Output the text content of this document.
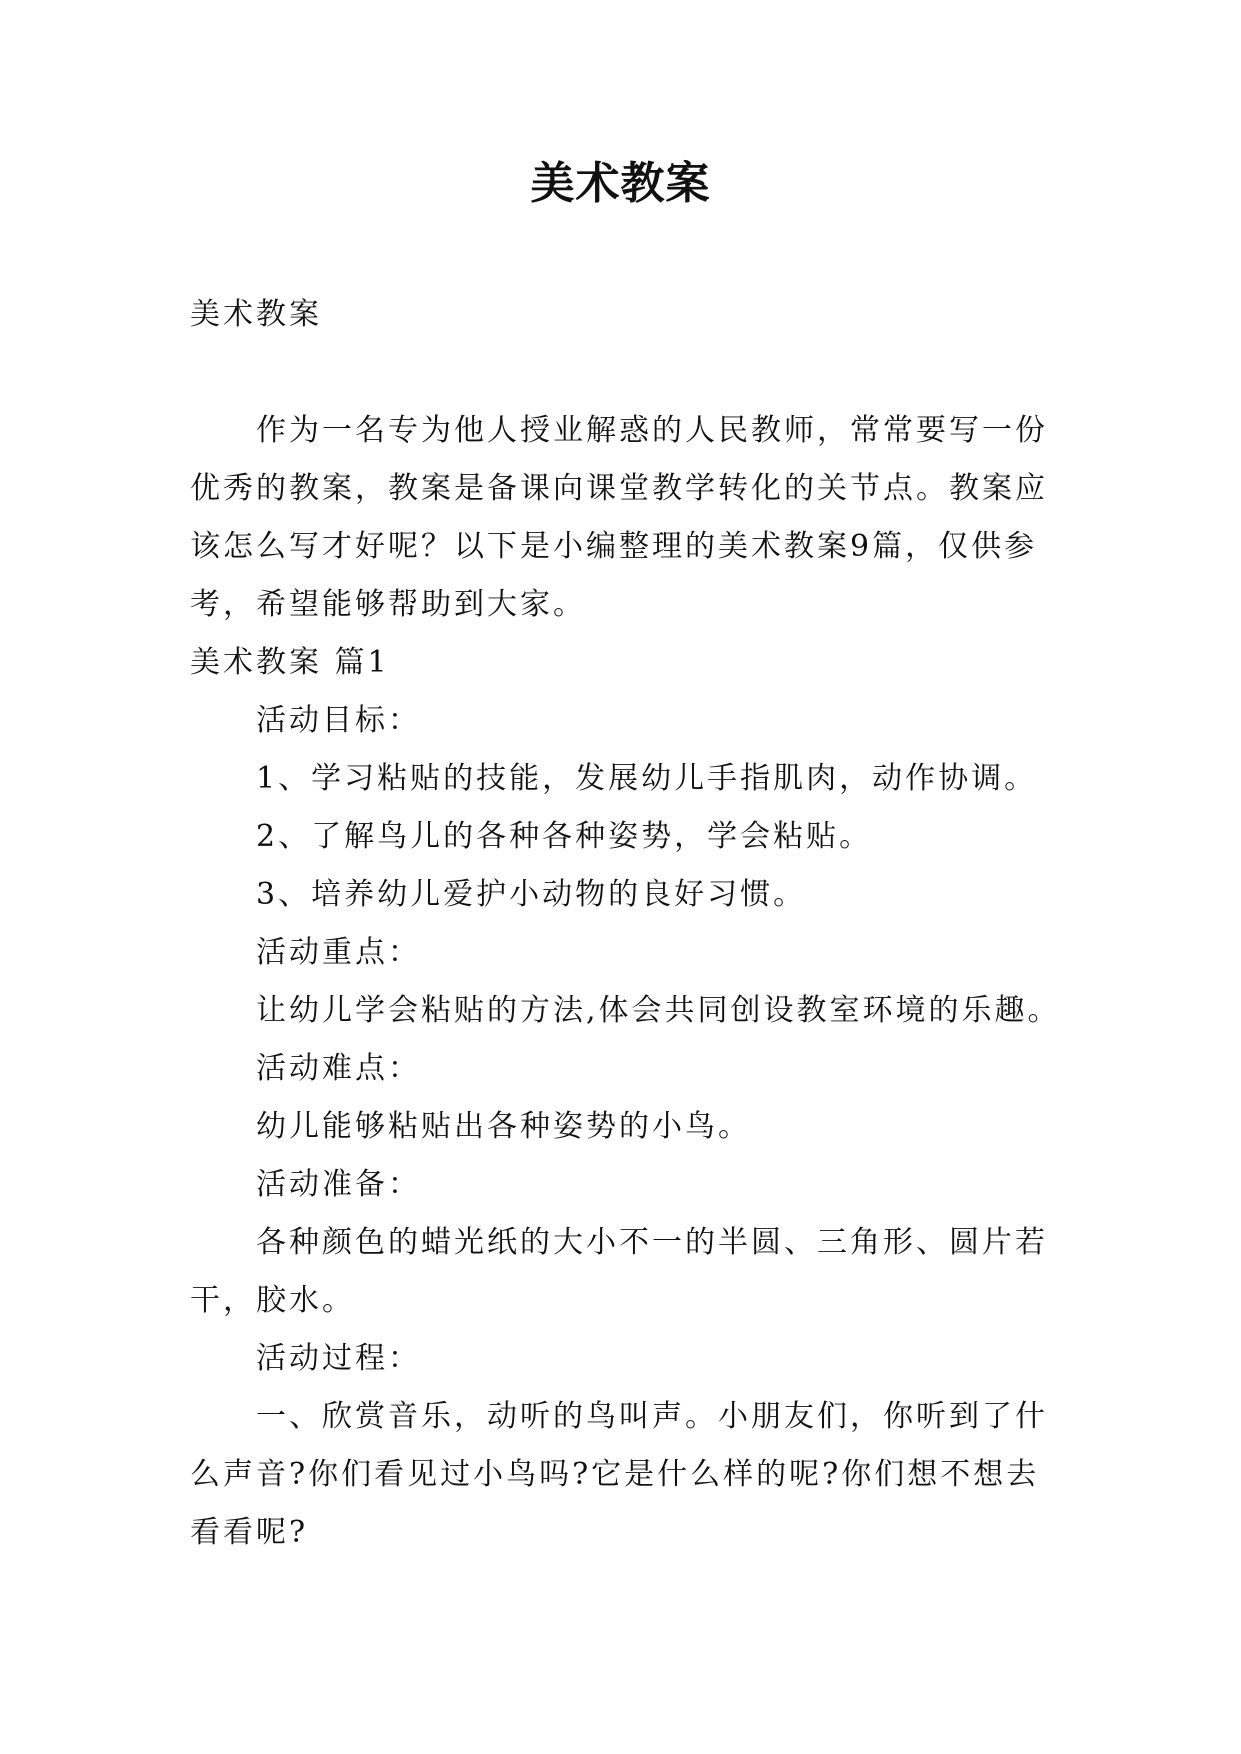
美术教案
美术教案
作为一名专为他人授业解惑的人民教师，常常要写一份
优秀的教案，教案是备课向课堂教学转化的关节点。教案应
该怎么写才好呢？以下是小编整理的美术教案9篇，仅供参
考，希望能够帮助到大家。
美术教案 篇1
活动目标：
1、学习粘贴的技能，发展幼儿手指肌肉，动作协调。
2、了解鸟儿的各种各种姿势，学会粘贴。
3、培养幼儿爱护小动物的良好习惯。
活动重点：
让幼儿学会粘贴的方法,体会共同创设教室环境的乐趣。
活动难点：
幼儿能够粘贴出各种姿势的小鸟。
活动准备：
各种颜色的蜡光纸的大小不一的半圆、三角形、圆片若
干，胶水。
活动过程：
一、欣赏音乐，动听的鸟叫声。小朋友们，你听到了什
么声音?你们看见过小鸟吗?它是什么样的呢?你们想不想去
看看呢?
